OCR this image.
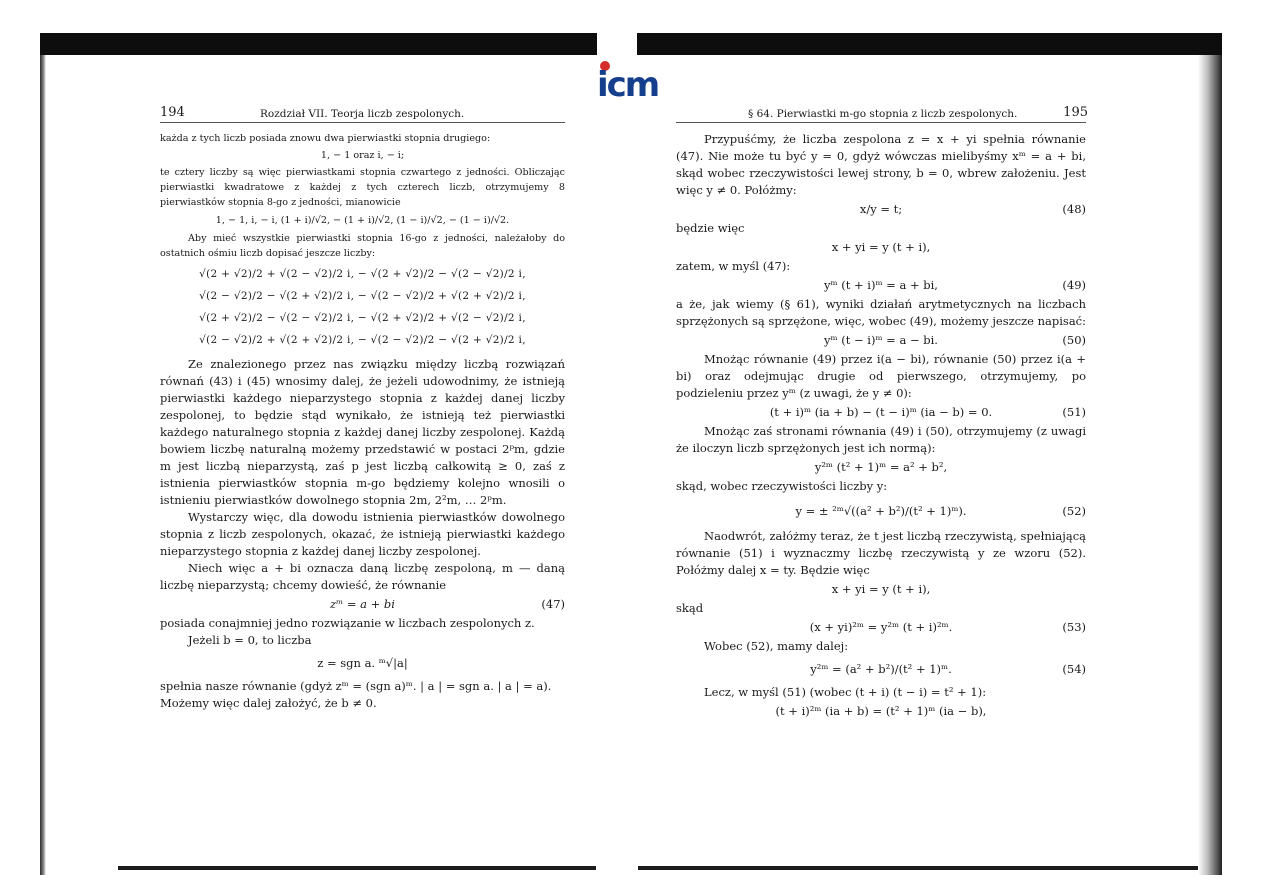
icm
194	Rozdział VII. Teorja liczb zespolonych.

każda z tych liczb posiada znowu dwa pierwiastki stopnia drugiego:

1, − 1 oraz i, − i;

te cztery liczby są więc pierwiastkami stopnia czwartego z jedności. Obliczając pierwiastki kwadratowe z każdej z tych czterech liczb, otrzymujemy 8 pierwiastków stopnia 8-go z jedności, mianowicie

1, − 1, i, − i, (1 + i)/√2, − (1 + i)/√2, (1 − i)/√2, − (1 − i)/√2.

Aby mieć wszystkie pierwiastki stopnia 16-go z jedności, należałoby do ostatnich ośmiu liczb dopisać jeszcze liczby:

√(2 + √2)/2 + √(2 − √2)/2 i, − √(2 + √2)/2 − √(2 − √2)/2 i,
√(2 − √2)/2 − √(2 + √2)/2 i, − √(2 − √2)/2 + √(2 + √2)/2 i,
√(2 + √2)/2 − √(2 − √2)/2 i, − √(2 + √2)/2 + √(2 − √2)/2 i,
√(2 − √2)/2 + √(2 + √2)/2 i, − √(2 − √2)/2 − √(2 + √2)/2 i,

Ze znalezionego przez nas związku między liczbą rozwiązań równań (43) i (45) wnosimy dalej, że jeżeli udowodnimy, że istnieją pierwiastki każdego nieparzystego stopnia z każdej danej liczby zespolonej, to będzie stąd wynikało, że istnieją też pierwiastki każdego naturalnego stopnia z każdej danej liczby zespolonej. Każdą bowiem liczbę naturalną możemy przedstawić w postaci 2ᵖm, gdzie m jest liczbą nieparzystą, zaś p jest liczbą całkowitą ≥ 0, zaś z istnienia pierwiastków stopnia m-go będziemy kolejno wnosili o istnieniu pierwiastków dowolnego stopnia 2m, 2²m, … 2ᵖm.

Wystarczy więc, dla dowodu istnienia pierwiastków dowolnego stopnia z liczb zespolonych, okazać, że istnieją pierwiastki każdego nieparzystego stopnia z każdej danej liczby zespolonej.

Niech więc a + bi oznacza daną liczbę zespoloną, m — daną liczbę nieparzystą; chcemy dowieść, że równanie

zᵐ = a + bi	(47)

posiada conajmniej jedno rozwiązanie w liczbach zespolonych z.

Jeżeli b = 0, to liczba

z = sgn a. ᵐ√|a|

spełnia nasze równanie (gdyż zᵐ = (sgn a)ᵐ. | a | = sgn a. | a | = a).

Możemy więc dalej założyć, że b ≠ 0.

§ 64. Pierwiastki m-go stopnia z liczb zespolonych.	195

Przypuśćmy, że liczba zespolona z = x + yi spełnia równanie (47). Nie może tu być y = 0, gdyż wówczas mielibyśmy xᵐ = a + bi, skąd wobec rzeczywistości lewej strony, b = 0, wbrew założeniu. Jest więc y ≠ 0. Połóżmy:

x/y = t;	(48)

będzie więc

x + yi = y (t + i),

zatem, w myśl (47):

yᵐ (t + i)ᵐ = a + bi,	(49)

a że, jak wiemy (§ 61), wyniki działań arytmetycznych na liczbach sprzężonych są sprzężone, więc, wobec (49), możemy jeszcze napisać:

yᵐ (t − i)ᵐ = a − bi.	(50)

Mnożąc równanie (49) przez i(a − bi), równanie (50) przez i(a + bi) oraz odejmując drugie od pierwszego, otrzymujemy, po podzieleniu przez yᵐ (z uwagi, że y ≠ 0):

(t + i)ᵐ (ia + b) − (t − i)ᵐ (ia − b) = 0.	(51)

Mnożąc zaś stronami równania (49) i (50), otrzymujemy (z uwagi że iloczyn liczb sprzężonych jest ich normą):

y²ᵐ (t² + 1)ᵐ = a² + b²,

skąd, wobec rzeczywistości liczby y:

y = ± ²ᵐ√((a² + b²)/(t² + 1)ᵐ).	(52)

Naodwrót, załóżmy teraz, że t jest liczbą rzeczywistą, spełniającą równanie (51) i wyznaczmy liczbę rzeczywistą y ze wzoru (52). Połóżmy dalej x = ty. Będzie więc

x + yi = y (t + i),

skąd

(x + yi)²ᵐ = y²ᵐ (t + i)²ᵐ.	(53)

Wobec (52), mamy dalej:

y²ᵐ = (a² + b²)/(t² + 1)ᵐ.	(54)

Lecz, w myśl (51) (wobec (t + i) (t − i) = t² + 1):

(t + i)²ᵐ (ia + b) = (t² + 1)ᵐ (ia − b),
